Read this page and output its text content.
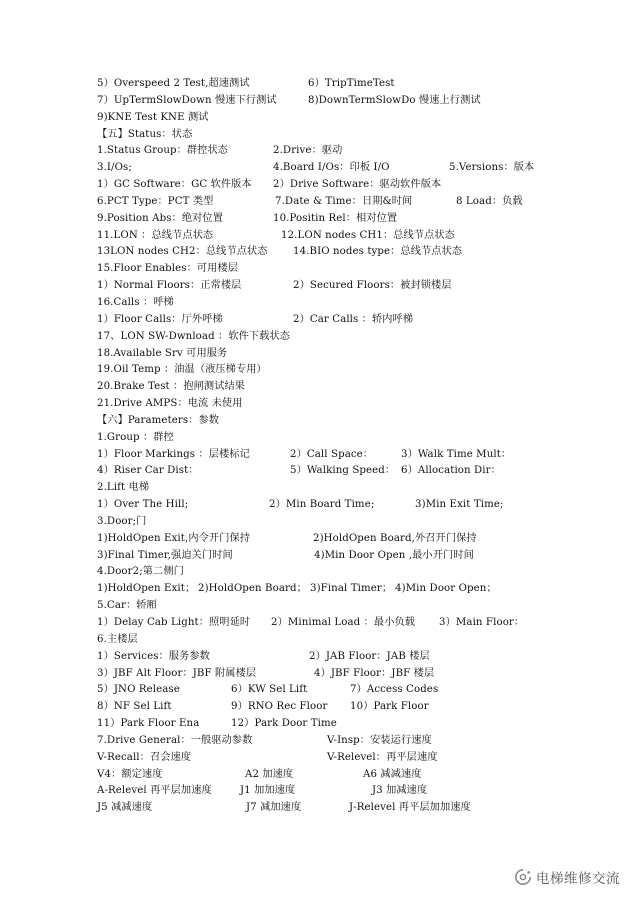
5）Overspeed 2 Test,超速测试	6）TripTimeTest
7）UpTermSlowDown 慢速下行测试	8)DownTermSlowDo 慢速上行测试
9)KNE Test KNE 测试
【五】Status：状态
1.Status Group：群控状态	2.Drive：驱动
3.I/Os;	4.Board I/Os：印板 I/O	5.Versions：版本
1）GC Software：GC 软件版本 2）Drive Software：驱动软件版本
6.PCT Type：PCT 类型	7.Date & Time：日期&时间	8 Load：负载
9.Position Abs：绝对位置	10.Positin Rel：相对位置
11.LON ：总线节点状态	12.LON nodes CH1：总线节点状态
13LON nodes CH2：总线节点状态 14.BIO nodes type：总线节点状态
15.Floor Enables：可用楼层
1）Normal Floors：正常楼层	2）Secured Floors：被封锁楼层
16.Calls ：呼梯
1）Floor Calls：厅外呼梯	2）Car Calls ：轿内呼梯
17、LON SW-Dwnload ：软件下载状态
18.Available Srv 可用服务
19.Oil Temp ：油温（液压梯专用）
20.Brake Test ：抱闸测试结果
21.Drive AMPS：电流 未使用
【六】Parameters：参数
1.Group ：群控
1）Floor Markings ：层楼标记	2）Call Space：	3）Walk Time Mult：
4）Riser Car Dist：	5）Walking Speed： 6）Allocation Dir：
2.Lift 电梯
1）Over The Hill;	2）Min Board Time;	3)Min Exit Time;
3.Door;门
1)HoldOpen Exit,内令开门保持	2)HoldOpen Board,外召开门保持
3)Final Timer,强迫关门时间	4)Min Door Open ,最小开门时间
4.Door2;第二侧门
1)HoldOpen Exit； 2)HoldOpen Board； 3)Final Timer； 4)Min Door Open；
5.Car：轿厢
1）Delay Cab Light：照明延时 2）Minimal Load ：最小负载 3）Main Floor：
6.主楼层
1）Services：服务参数	2）JAB Floor：JAB 楼层
3）JBF Alt Floor：JBF 附属楼层	4）JBF Floor：JBF 楼层
5）JNO Release	6）KW Sel Lift	7）Access Codes
8）NF Sel Lift	9）RNO Rec Floor 10）Park Floor
11）Park Floor Ena	12）Park Door Time
7.Drive General：一般驱动参数	V-Insp：安装运行速度
V-Recall：召会速度	V-Relevel：再平层速度
V4：额定速度	A2 加速度	A6 减减速度
A-Relevel 再平层加速度	J1 加加速度	J3 加减速度
J5 减减速度	J7 减加速度	J-Relevel 再平层加加速度
电梯维修交流
